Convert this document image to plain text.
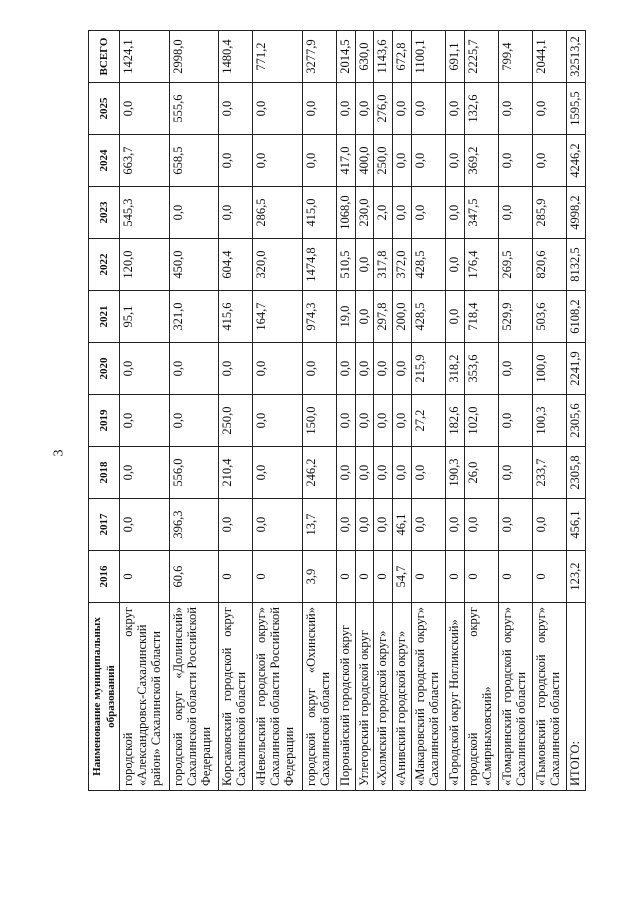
3
Наименование муниципальных образований	2016	2017	2018	2019	2020	2021	2022	2023	2024	2025	ВСЕГО
городской округ «Александровск-Сахалинский район» Сахалинской области	0	0,0	0,0	0,0	0,0	95,1	120,0	545,3	663,7	0,0	1424,1
городской округ «Долинский» Сахалинской области Российской Федерации	60,6	396,3	556,0	0,0	0,0	321,0	450,0	0,0	658,5	555,6	2998,0
Корсаковский городской округ Сахалинской области	0	0,0	210,4	250,0	0,0	415,6	604,4	0,0	0,0	0,0	1480,4
«Невельский городской округ» Сахалинской области Российской Федерации	0	0,0	0,0	0,0	0,0	164,7	320,0	286,5	0,0	0,0	771,2
городской округ «Охинский» Сахалинской области	3,9	13,7	246,2	150,0	0,0	974,3	1474,8	415,0	0,0	0,0	3277,9
Поронайский городской округ	0	0,0	0,0	0,0	0,0	19,0	510,5	1068,0	417,0	0,0	2014,5
Углегорский городской округ	0	0,0	0,0	0,0	0,0	0,0	0,0	230,0	400,0	0,0	630,0
«Холмский городской округ»	0	0,0	0,0	0,0	0,0	297,8	317,8	2,0	250,0	276,0	1143,6
«Анивский городской округ»	54,7	46,1	0,0	0,0	0,0	200,0	372,0	0,0	0,0	0,0	672,8
«Макаровский городской округ» Сахалинской области	0	0,0	0,0	27,2	215,9	428,5	428,5	0,0	0,0	0,0	1100,1
«Городской округ Ногликский»	0	0,0	190,3	182,6	318,2	0,0	0,0	0,0	0,0	0,0	691,1
городской округ «Смирныховский»	0	0,0	26,0	102,0	353,6	718,4	176,4	347,5	369,2	132,6	2225,7
«Томаринский городской округ» Сахалинской области	0	0,0	0,0	0,0	0,0	529,9	269,5	0,0	0,0	0,0	799,4
«Тымовский городской округ» Сахалинской области	0	0,0	233,7	100,3	100,0	503,6	820,6	285,9	0,0	0,0	2044,1
ИТОГО:	123,2	456,1	2305,8	2305,6	2241,9	6108,2	8132,5	4998,2	4246,2	1595,5	32513,2
